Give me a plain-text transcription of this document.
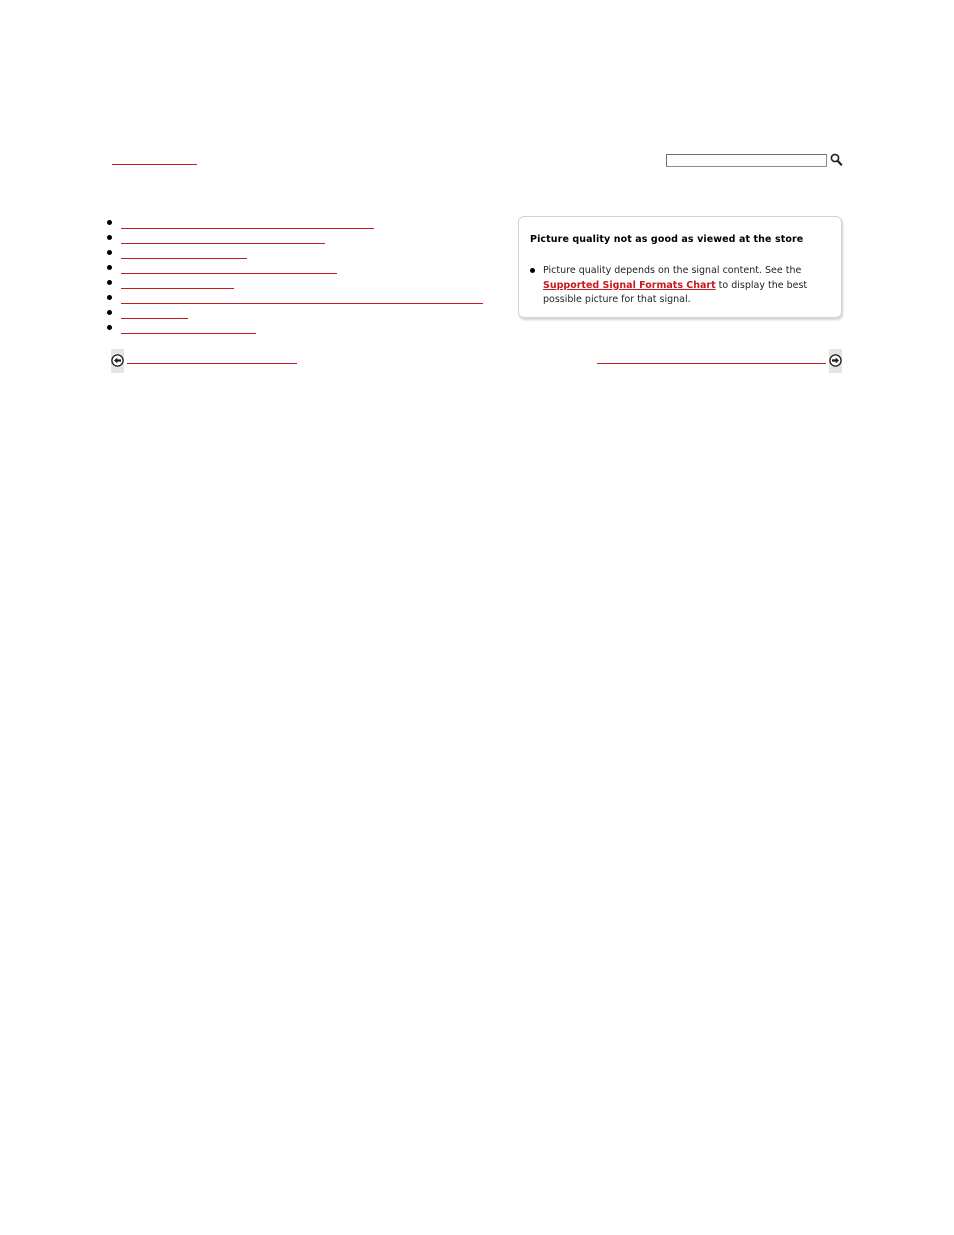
Picture quality not as good as viewed at the store
Picture quality depends on the signal content. See the Supported Signal Formats Chart to display the best possible picture for that signal.
